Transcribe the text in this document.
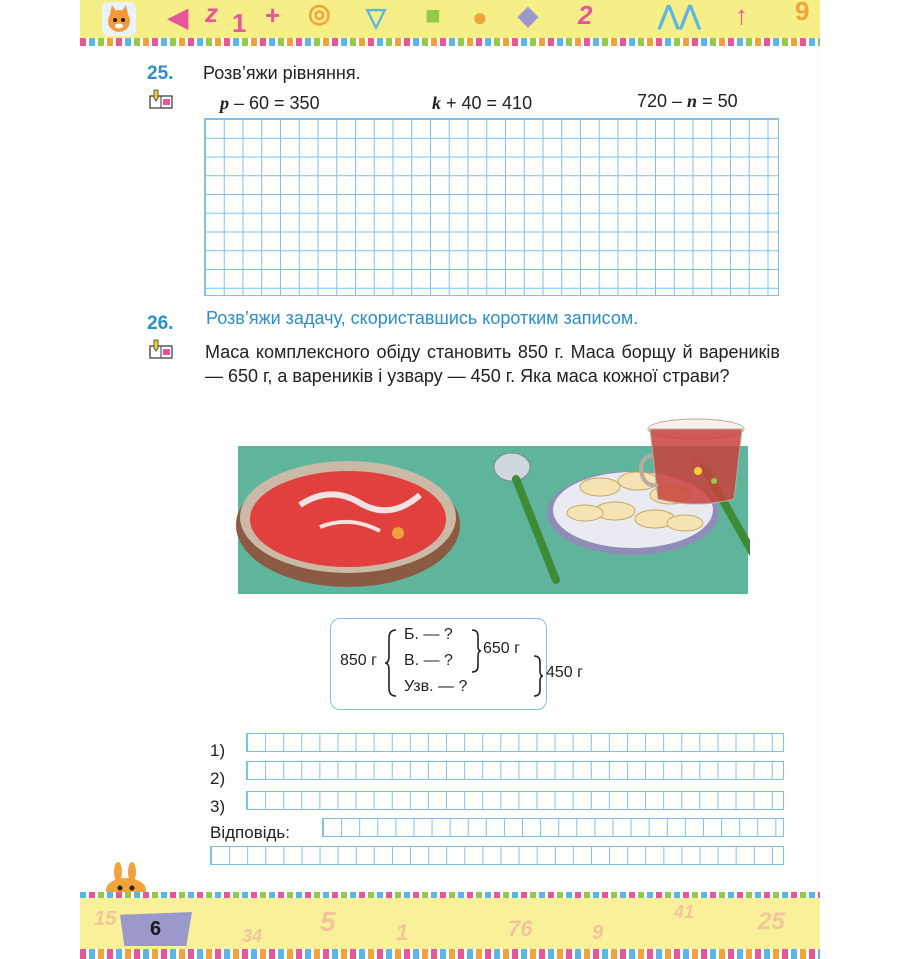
◀ z 1 + ◎ ▽ ■ ● ◆ 2	⋀⋀ ↑ 9
25. Розв’яжи рівняння.
p – 60 = 350	k + 40 = 410	720 – n = 50
26. Розв’яжи задачу, скориставшись коротким записом.
Маса комплексного обіду становить 850 г. Маса борщу й вареників — 650 г, а вареників і узвару — 450 г. Яка маса кожної страви?
850 г
Б. — ?
В. — ?
Узв. — ?
650 г
450 г
1)
2)
3)
Відповідь:
15
34 5	1	76	9
41	25
6
